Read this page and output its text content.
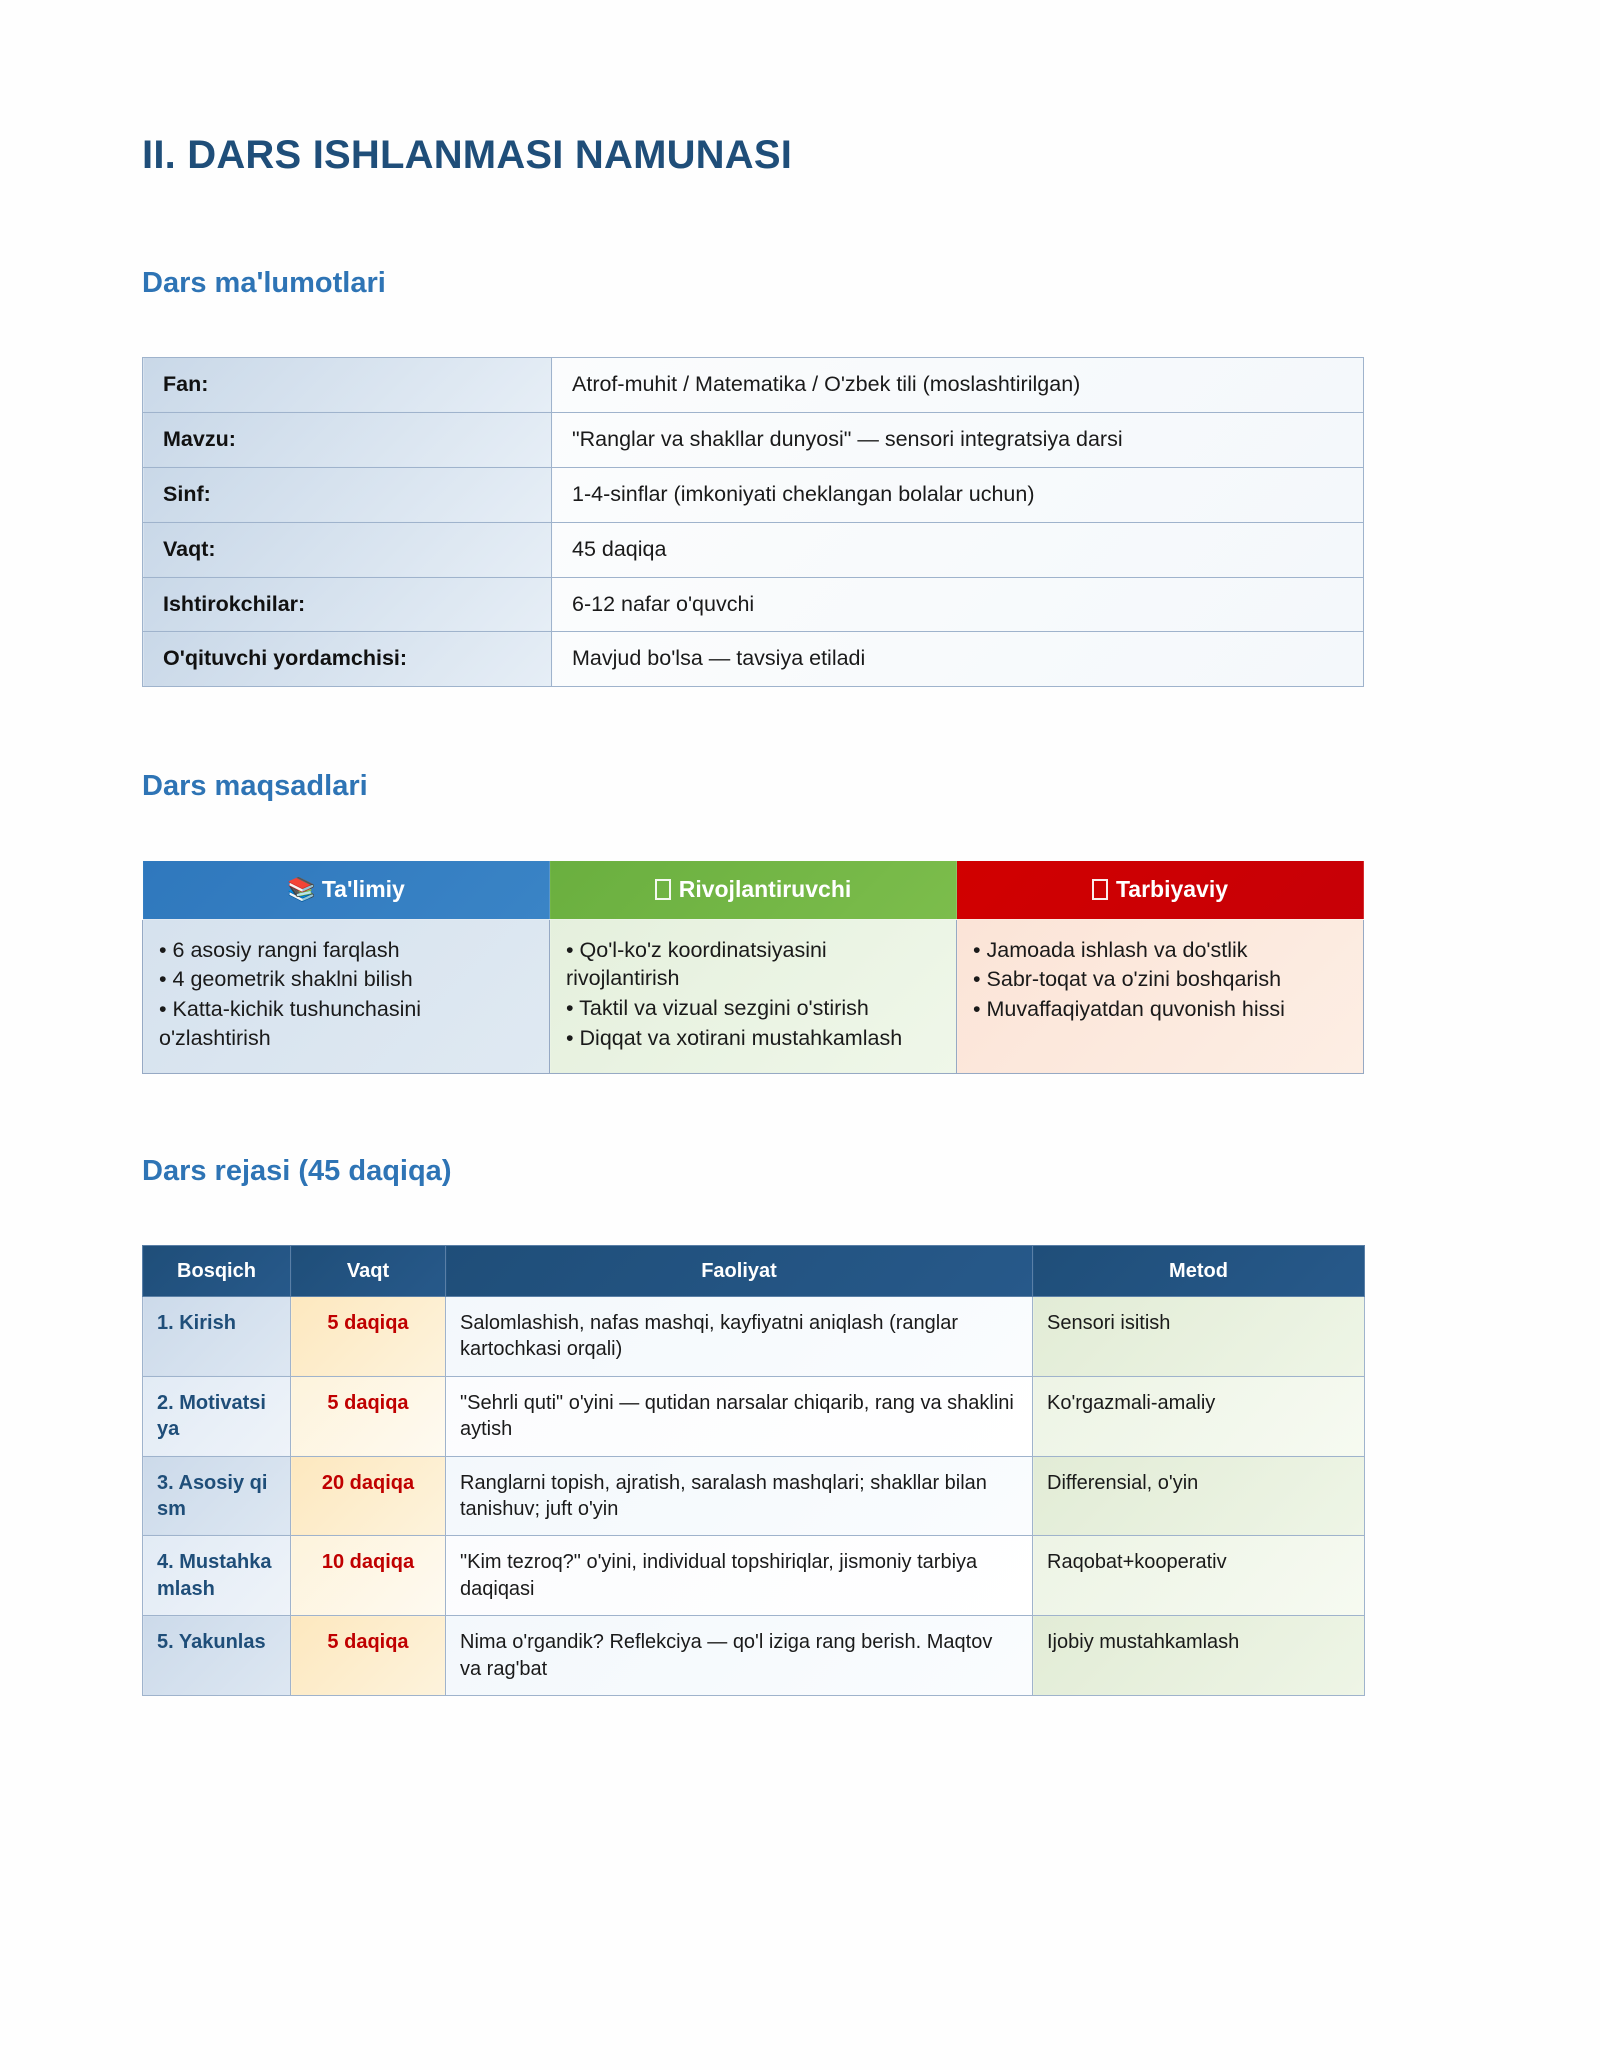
II. DARS ISHLANMASI NAMUNASI
Dars ma'lumotlari
Fan:	Atrof-muhit / Matematika / O'zbek tili (moslashtirilgan)
Mavzu:	"Ranglar va shakllar dunyosi" — sensori integratsiya darsi
Sinf:	1-4-sinflar (imkoniyati cheklangan bolalar uchun)
Vaqt:	45 daqiqa
Ishtirokchilar:	6-12 nafar o'quvchi
O'qituvchi yordamchisi:	Mavjud bo'lsa — tavsiya etiladi
Dars maqsadlari
📚 Ta'limiy	Rivojlantiruvchi	Tarbiyaviy

• 6 asosiy rangni farqlash
• 4 geometrik shaklni bilish
• Katta-kichik tushunchasini o'zlashtirish

• Qo'l-ko'z koordinatsiyasini rivojlantirish
• Taktil va vizual sezgini o'stirish
• Diqqat va xotirani mustahkamlash

• Jamoada ishlash va do'stlik
• Sabr-toqat va o'zini boshqarish
• Muvaffaqiyatdan quvonish hissi
Dars rejasi (45 daqiqa)
Bosqich	Vaqt	Faoliyat	Metod
1. Kirish	5 daqiqa	Salomlashish, nafas mashqi, kayfiyatni aniqlash (ranglar kartochkasi orqali)	Sensori isitish
2. Motivatsiya	5 daqiqa	"Sehrli quti" o'yini — qutidan narsalar chiqarib, rang va shaklini aytish	Ko'rgazmali-amaliy
3. Asosiy qism	20 daqiqa	Ranglarni topish, ajratish, saralash mashqlari; shakllar bilan tanishuv; juft o'yin	Differensial, o'yin
4. Mustahkamlash	10 daqiqa	"Kim tezroq?" o'yini, individual topshiriqlar, jismoniy tarbiya daqiqasi	Raqobat+kooperativ
5. Yakunlas	5 daqiqa	Nima o'rgandik? Reflekciya — qo'l iziga rang berish. Maqtov va rag'bat	Ijobiy mustahkamlash
